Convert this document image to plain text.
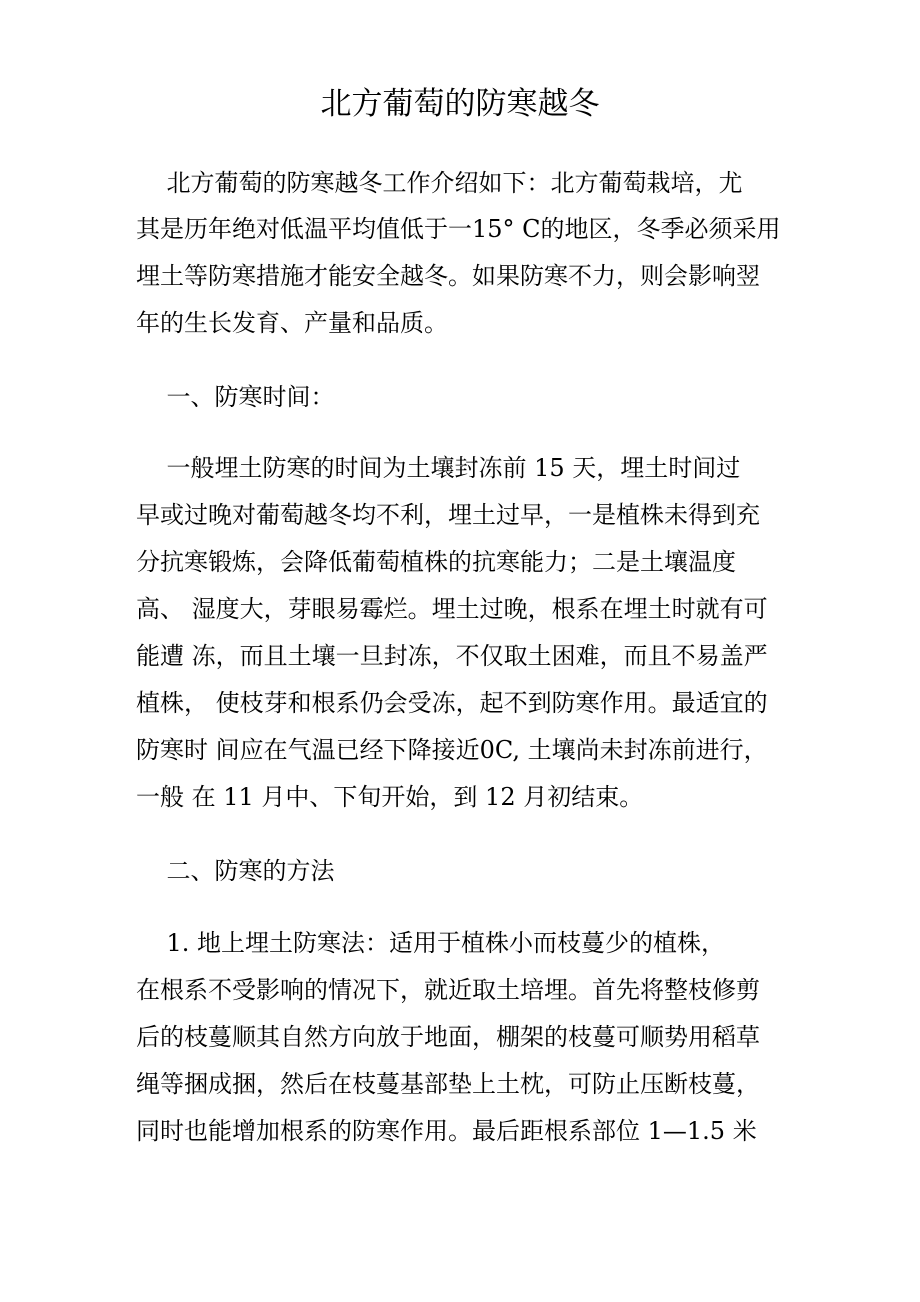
北方葡萄的防寒越冬

北方葡萄的防寒越冬工作介绍如下：北方葡萄栽培，尤

其是历年绝对低温平均值低于一15° C的地区，冬季必须采用

埋土等防寒措施才能安全越冬。如果防寒不力，则会影响翌

年的生长发育、产量和品质。

一、防寒时间：

一般埋土防寒的时间为土壤封冻前 15 天，埋土时间过

早或过晚对葡萄越冬均不利，埋土过早，一是植株未得到充

分抗寒锻炼，会降低葡萄植株的抗寒能力；二是土壤温度

高、 湿度大，芽眼易霉烂。埋土过晚，根系在埋土时就有可

能遭 冻，而且土壤一旦封冻，不仅取土困难，而且不易盖严

植株， 使枝芽和根系仍会受冻，起不到防寒作用。最适宜的

防寒时 间应在气温已经下降接近0C, 土壤尚未封冻前进行，

一般 在 11 月中、下旬开始，到 12 月初结束。

二、防寒的方法

1. 地上埋土防寒法：适用于植株小而枝蔓少的植株，

在根系不受影响的情况下，就近取土培埋。首先将整枝修剪

后的枝蔓顺其自然方向放于地面，棚架的枝蔓可顺势用稻草

绳等捆成捆，然后在枝蔓基部垫上土枕，可防止压断枝蔓，

同时也能增加根系的防寒作用。最后距根系部位 1—1.5 米
